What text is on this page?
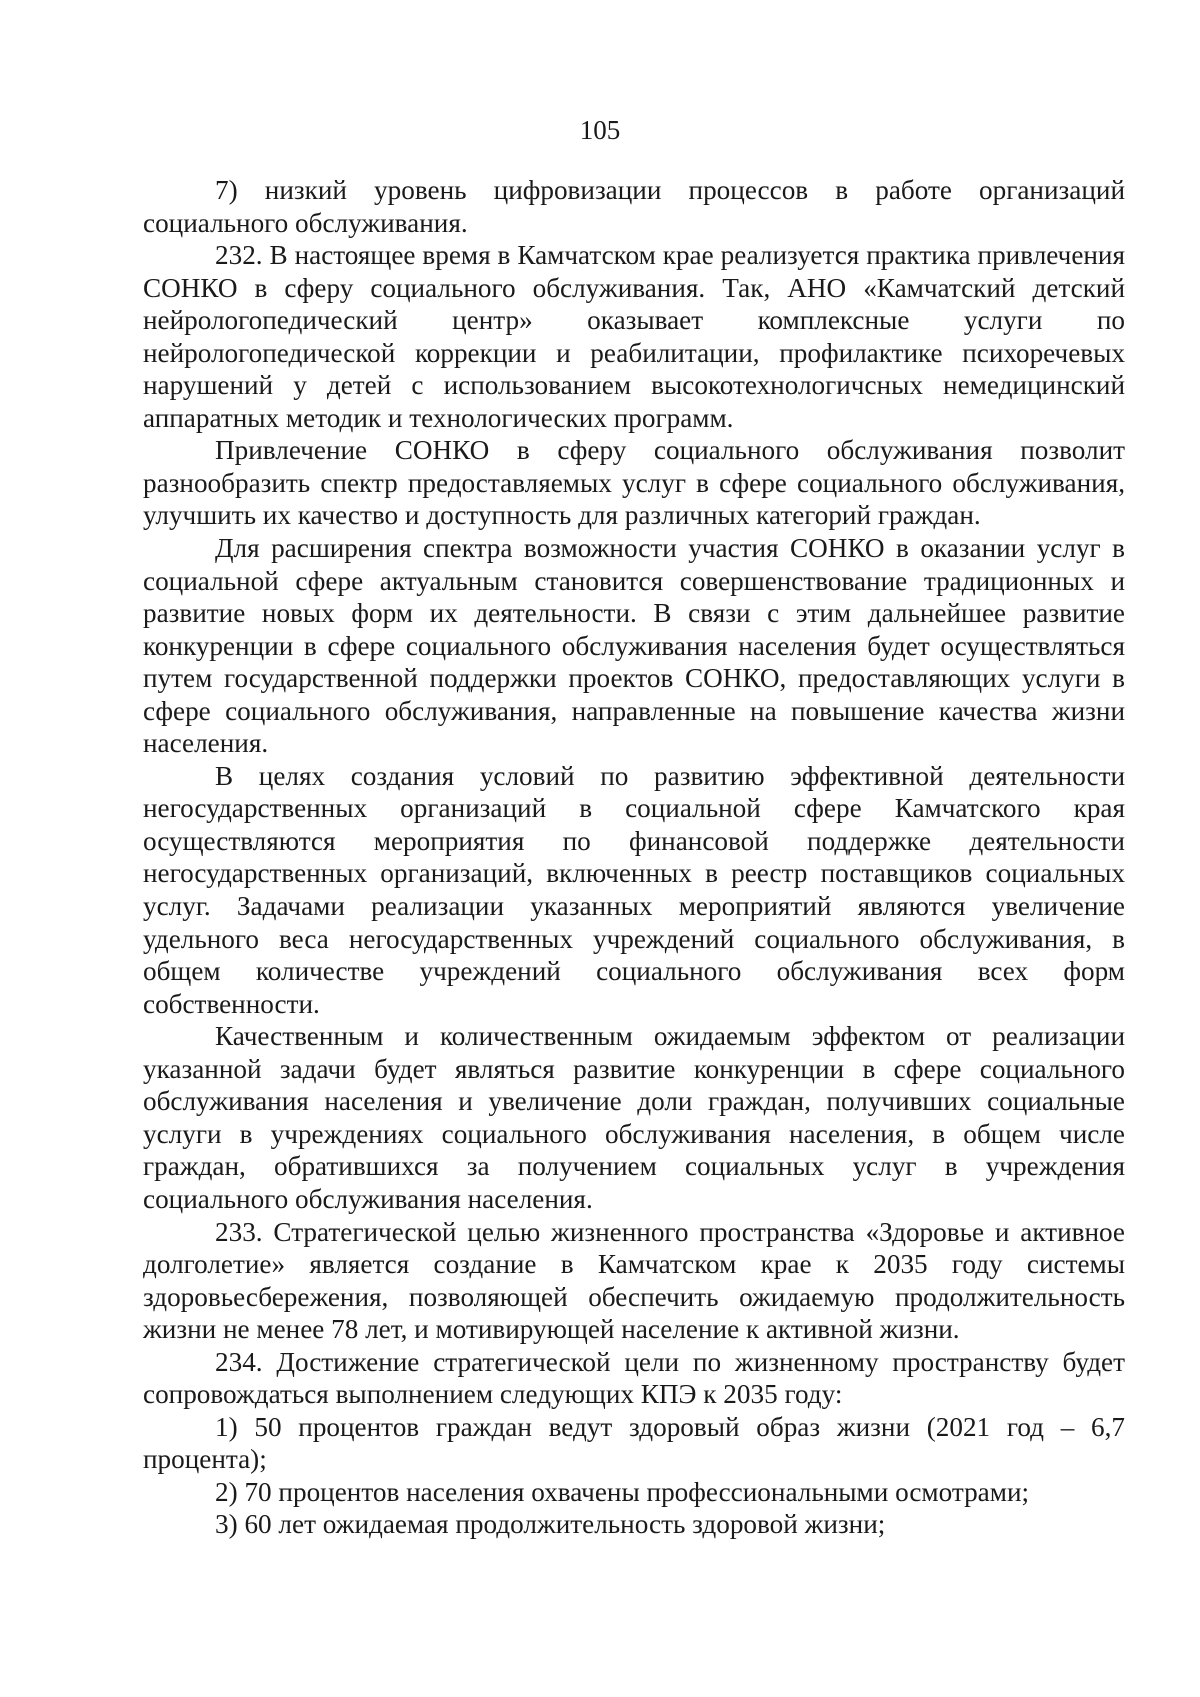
105

7) низкий уровень цифровизации процессов в работе организаций социального обслуживания.

232. В настоящее время в Камчатском крае реализуется практика привлечения СОНКО в сферу социального обслуживания. Так, АНО «Камчатский детский нейрологопедический центр» оказывает комплексные услуги по нейрологопедической коррекции и реабилитации, профилактике психоречевых нарушений у детей с использованием высокотехнологичсных немедицинский аппаратных методик и технологических программ.

Привлечение СОНКО в сферу социального обслуживания позволит разнообразить спектр предоставляемых услуг в сфере социального обслуживания, улучшить их качество и доступность для различных категорий граждан.

Для расширения спектра возможности участия СОНКО в оказании услуг в социальной сфере актуальным становится совершенствование традиционных и развитие новых форм их деятельности. В связи с этим дальнейшее развитие конкуренции в сфере социального обслуживания населения будет осуществляться путем государственной поддержки проектов СОНКО, предоставляющих услуги в сфере социального обслуживания, направленные на повышение качества жизни населения.

В целях создания условий по развитию эффективной деятельности негосударственных организаций в социальной сфере Камчатского края осуществляются мероприятия по финансовой поддержке деятельности негосударственных организаций, включенных в реестр поставщиков социальных услуг. Задачами реализации указанных мероприятий являются увеличение удельного веса негосударственных учреждений социального обслуживания, в общем количестве учреждений социального обслуживания всех форм собственности.

Качественным и количественным ожидаемым эффектом от реализации указанной задачи будет являться развитие конкуренции в сфере социального обслуживания населения и увеличение доли граждан, получивших социальные услуги в учреждениях социального обслуживания населения, в общем числе граждан, обратившихся за получением социальных услуг в учреждения социального обслуживания населения.

233. Стратегической целью жизненного пространства «Здоровье и активное долголетие» является создание в Камчатском крае к 2035 году системы здоровьесбережения, позволяющей обеспечить ожидаемую продолжительность жизни не менее 78 лет, и мотивирующей население к активной жизни.

234. Достижение стратегической цели по жизненному пространству будет сопровождаться выполнением следующих КПЭ к 2035 году:

1) 50 процентов граждан ведут здоровый образ жизни (2021 год – 6,7 процента);

2) 70 процентов населения охвачены профессиональными осмотрами;

3) 60 лет ожидаемая продолжительность здоровой жизни;
